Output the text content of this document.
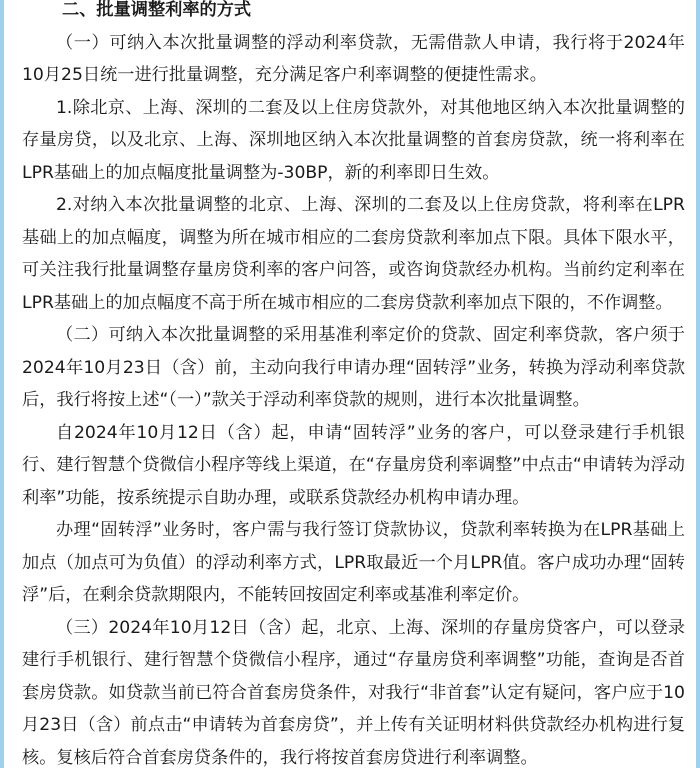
二、批量调整利率的方式

（一）可纳入本次批量调整的浮动利率贷款，无需借款人申请，我行将于2024年10月25日统一进行批量调整，充分满足客户利率调整的便捷性需求。

1.除北京、上海、深圳的二套及以上住房贷款外，对其他地区纳入本次批量调整的存量房贷，以及北京、上海、深圳地区纳入本次批量调整的首套房贷款，统一将利率在LPR基础上的加点幅度批量调整为-30BP，新的利率即日生效。

2.对纳入本次批量调整的北京、上海、深圳的二套及以上住房贷款，将利率在LPR基础上的加点幅度，调整为所在城市相应的二套房贷款利率加点下限。具体下限水平，可关注我行批量调整存量房贷利率的客户问答，或咨询贷款经办机构。当前约定利率在LPR基础上的加点幅度不高于所在城市相应的二套房贷款利率加点下限的，不作调整。

（二）可纳入本次批量调整的采用基准利率定价的贷款、固定利率贷款，客户须于2024年10月23日（含）前，主动向我行申请办理“固转浮”业务，转换为浮动利率贷款后，我行将按上述“（一）”款关于浮动利率贷款的规则，进行本次批量调整。

自2024年10月12日（含）起，申请“固转浮”业务的客户，可以登录建行手机银行、建行智慧个贷微信小程序等线上渠道，在“存量房贷利率调整”中点击“申请转为浮动利率”功能，按系统提示自助办理，或联系贷款经办机构申请办理。

办理“固转浮”业务时，客户需与我行签订贷款协议，贷款利率转换为在LPR基础上加点（加点可为负值）的浮动利率方式，LPR取最近一个月LPR值。客户成功办理“固转浮”后，在剩余贷款期限内，不能转回按固定利率或基准利率定价。

（三）2024年10月12日（含）起，北京、上海、深圳的存量房贷客户，可以登录建行手机银行、建行智慧个贷微信小程序，通过“存量房贷利率调整”功能，查询是否首套房贷款。如贷款当前已符合首套房贷条件，对我行“非首套”认定有疑问，客户应于10月23日（含）前点击“申请转为首套房贷”，并上传有关证明材料供贷款经办机构进行复核。复核后符合首套房贷条件的，我行将按首套房贷进行利率调整。
